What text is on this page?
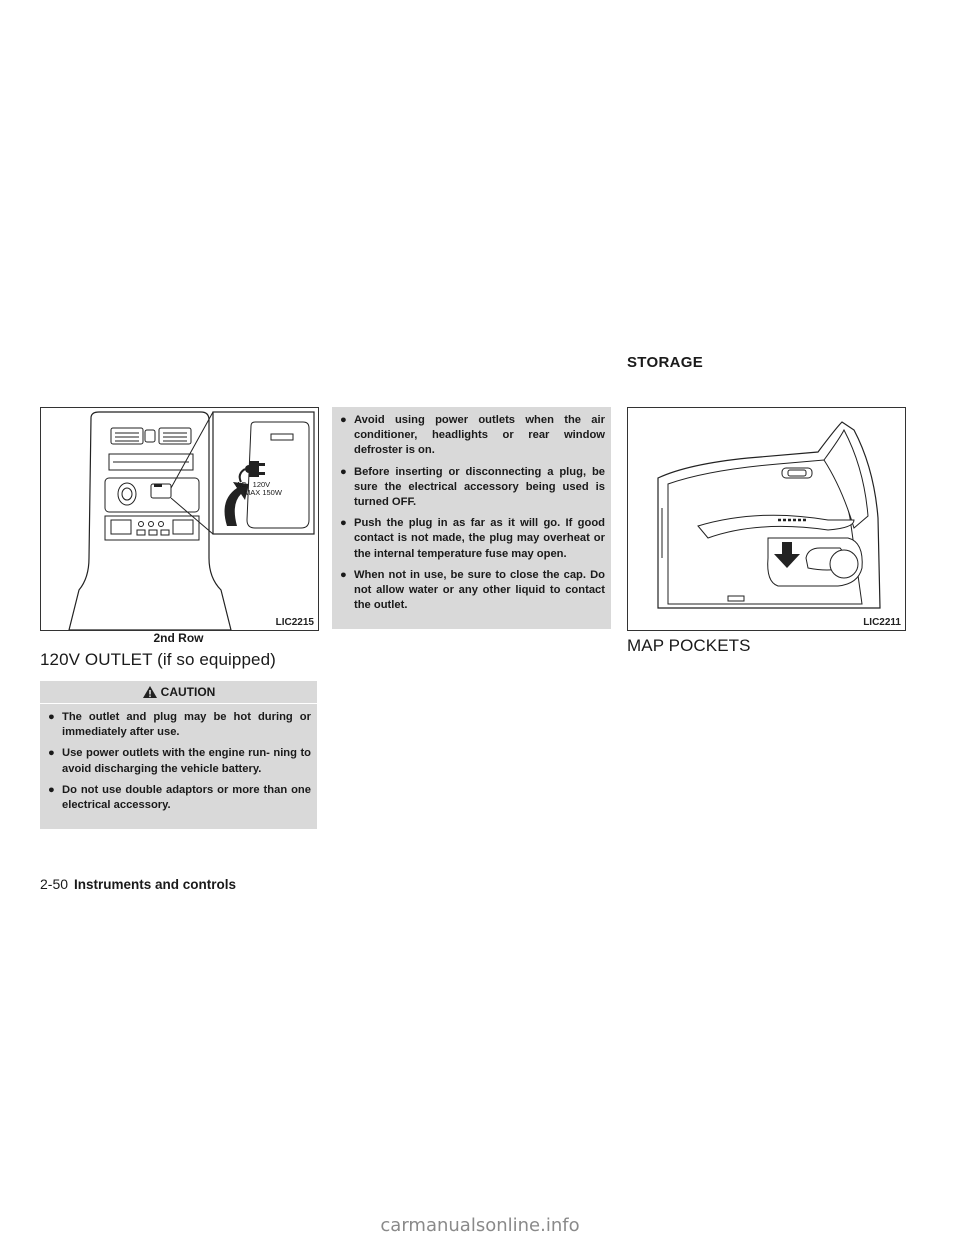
AC   120V
MAX 150W
LIC2215
2nd Row
120V OUTLET (if so equipped)
CAUTION
● The outlet and plug may be hot during or immediately after use.
● Use power outlets with the engine run- ning to avoid discharging the vehicle battery.
● Do not use double adaptors or more than one electrical accessory.
● Avoid using power outlets when the air conditioner, headlights or rear window defroster is on.
● Before inserting or disconnecting a plug, be sure the electrical accessory being used is turned OFF.
● Push the plug in as far as it will go. If good contact is not made, the plug may overheat or the internal temperature fuse may open.
● When not in use, be sure to close the cap. Do not allow water or any other liquid to contact the outlet.
STORAGE
LIC2211
MAP POCKETS
2-50 Instruments and controls
carmanualsonline.info
